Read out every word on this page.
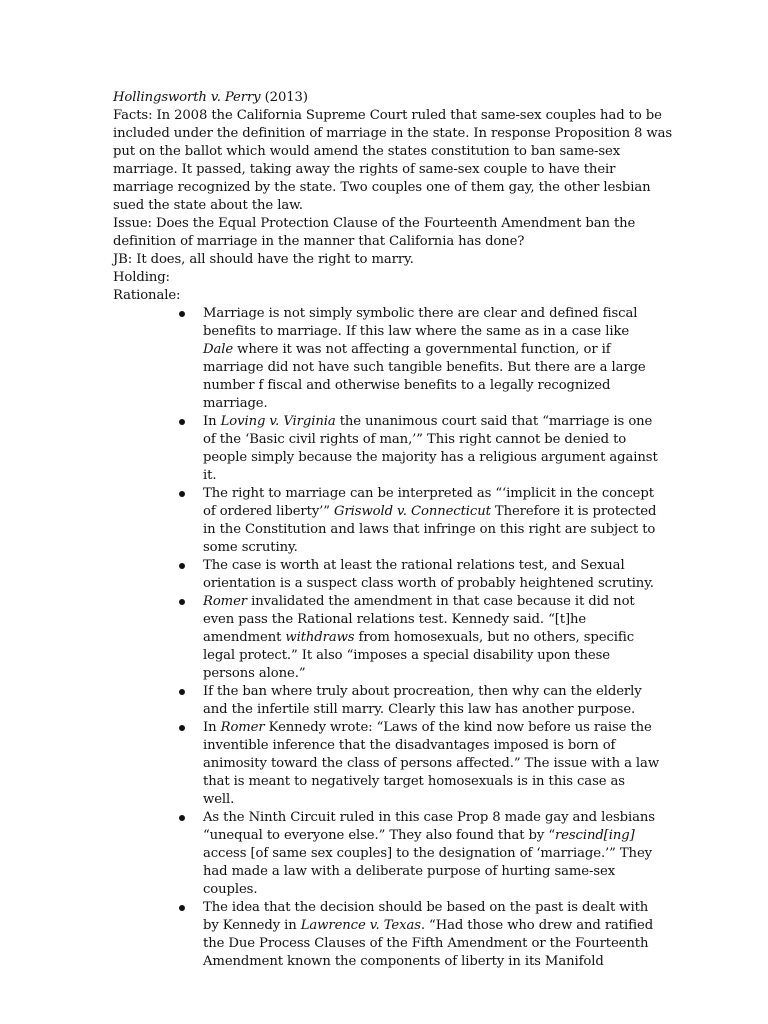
Hollingsworth v. Perry (2013)

Facts: In 2008 the California Supreme Court ruled that same-sex couples had to be included under the definition of marriage in the state. In response Proposition 8 was put on the ballot which would amend the states constitution to ban same-sex marriage. It passed, taking away the rights of same-sex couple to have their marriage recognized by the state. Two couples one of them gay, the other lesbian sued the state about the law.

Issue: Does the Equal Protection Clause of the Fourteenth Amendment ban the definition of marriage in the manner that California has done?

JB: It does, all should have the right to marry.

Holding:

Rationale:

Marriage is not simply symbolic there are clear and defined fiscal benefits to marriage. If this law where the same as in a case like Dale where it was not affecting a governmental function, or if marriage did not have such tangible benefits. But there are a large number f fiscal and otherwise benefits to a legally recognized marriage.
In Loving v. Virginia the unanimous court said that “marriage is one of the ‘Basic civil rights of man,’” This right cannot be denied to people simply because the majority has a religious argument against it.
The right to marriage can be interpreted as “‘implicit in the concept of ordered liberty’” Griswold v. Connecticut Therefore it is protected in the Constitution and laws that infringe on this right are subject to some scrutiny.
The case is worth at least the rational relations test, and Sexual orientation is a suspect class worth of probably heightened scrutiny.
Romer invalidated the amendment in that case because it did not even pass the Rational relations test. Kennedy said. “[t]he amendment withdraws from homosexuals, but no others, specific legal protect.” It also “imposes a special disability upon these persons alone.”
If the ban where truly about procreation, then why can the elderly and the infertile still marry. Clearly this law has another purpose.
In Romer Kennedy wrote: “Laws of the kind now before us raise the inventible inference that the disadvantages imposed is born of animosity toward the class of persons affected.” The issue with a law that is meant to negatively target homosexuals is in this case as well.
As the Ninth Circuit ruled in this case Prop 8 made gay and lesbians “unequal to everyone else.” They also found that by “rescind[ing] access [of same sex couples] to the designation of ‘marriage.’” They had made a law with a deliberate purpose of hurting same-sex couples.
The idea that the decision should be based on the past is dealt with by Kennedy in Lawrence v. Texas. “Had those who drew and ratified the Due Process Clauses of the Fifth Amendment or the Fourteenth Amendment known the components of liberty in its Manifold
